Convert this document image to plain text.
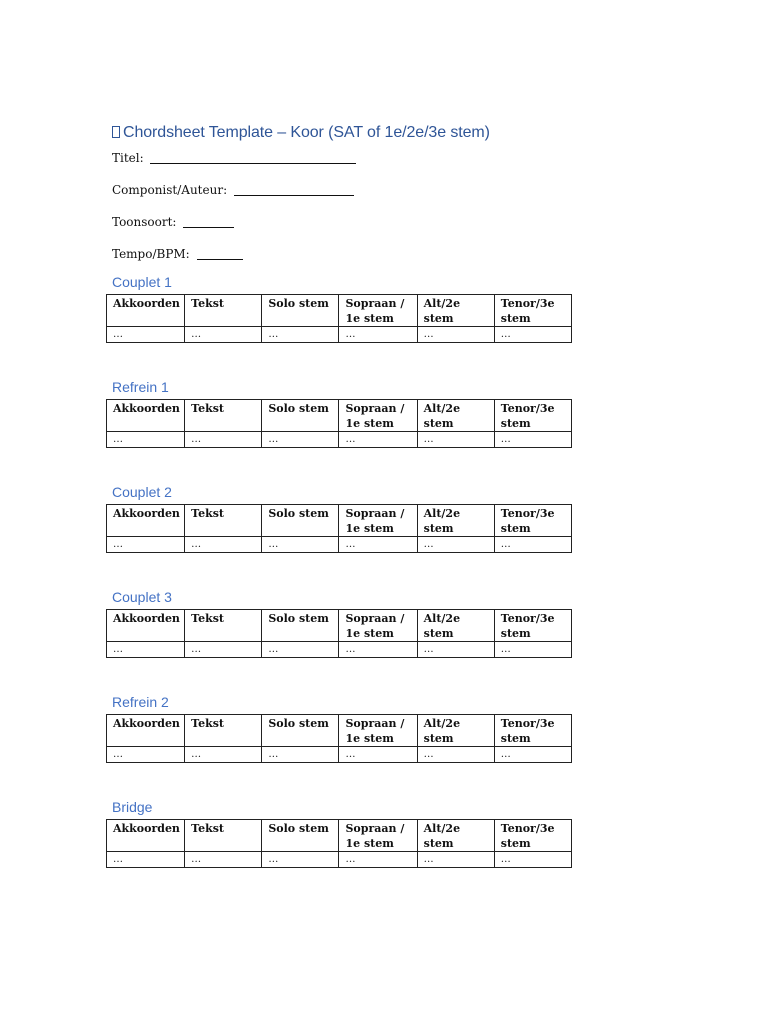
Chordsheet Template – Koor (SAT of 1e/2e/3e stem)
Titel:
Componist/Auteur:
Toonsoort:
Tempo/BPM:
Couplet 1
Akkoorden	Tekst	Solo stem	Sopraan / 1e stem	Alt/2e stem	Tenor/3e stem
…	…	…	…	…	…
Refrein 1
Akkoorden	Tekst	Solo stem	Sopraan / 1e stem	Alt/2e stem	Tenor/3e stem
…	…	…	…	…	…
Couplet 2
Akkoorden	Tekst	Solo stem	Sopraan / 1e stem	Alt/2e stem	Tenor/3e stem
…	…	…	…	…	…
Couplet 3
Akkoorden	Tekst	Solo stem	Sopraan / 1e stem	Alt/2e stem	Tenor/3e stem
…	…	…	…	…	…
Refrein 2
Akkoorden	Tekst	Solo stem	Sopraan / 1e stem	Alt/2e stem	Tenor/3e stem
…	…	…	…	…	…
Bridge
Akkoorden	Tekst	Solo stem	Sopraan / 1e stem	Alt/2e stem	Tenor/3e stem
…	…	…	…	…	…
